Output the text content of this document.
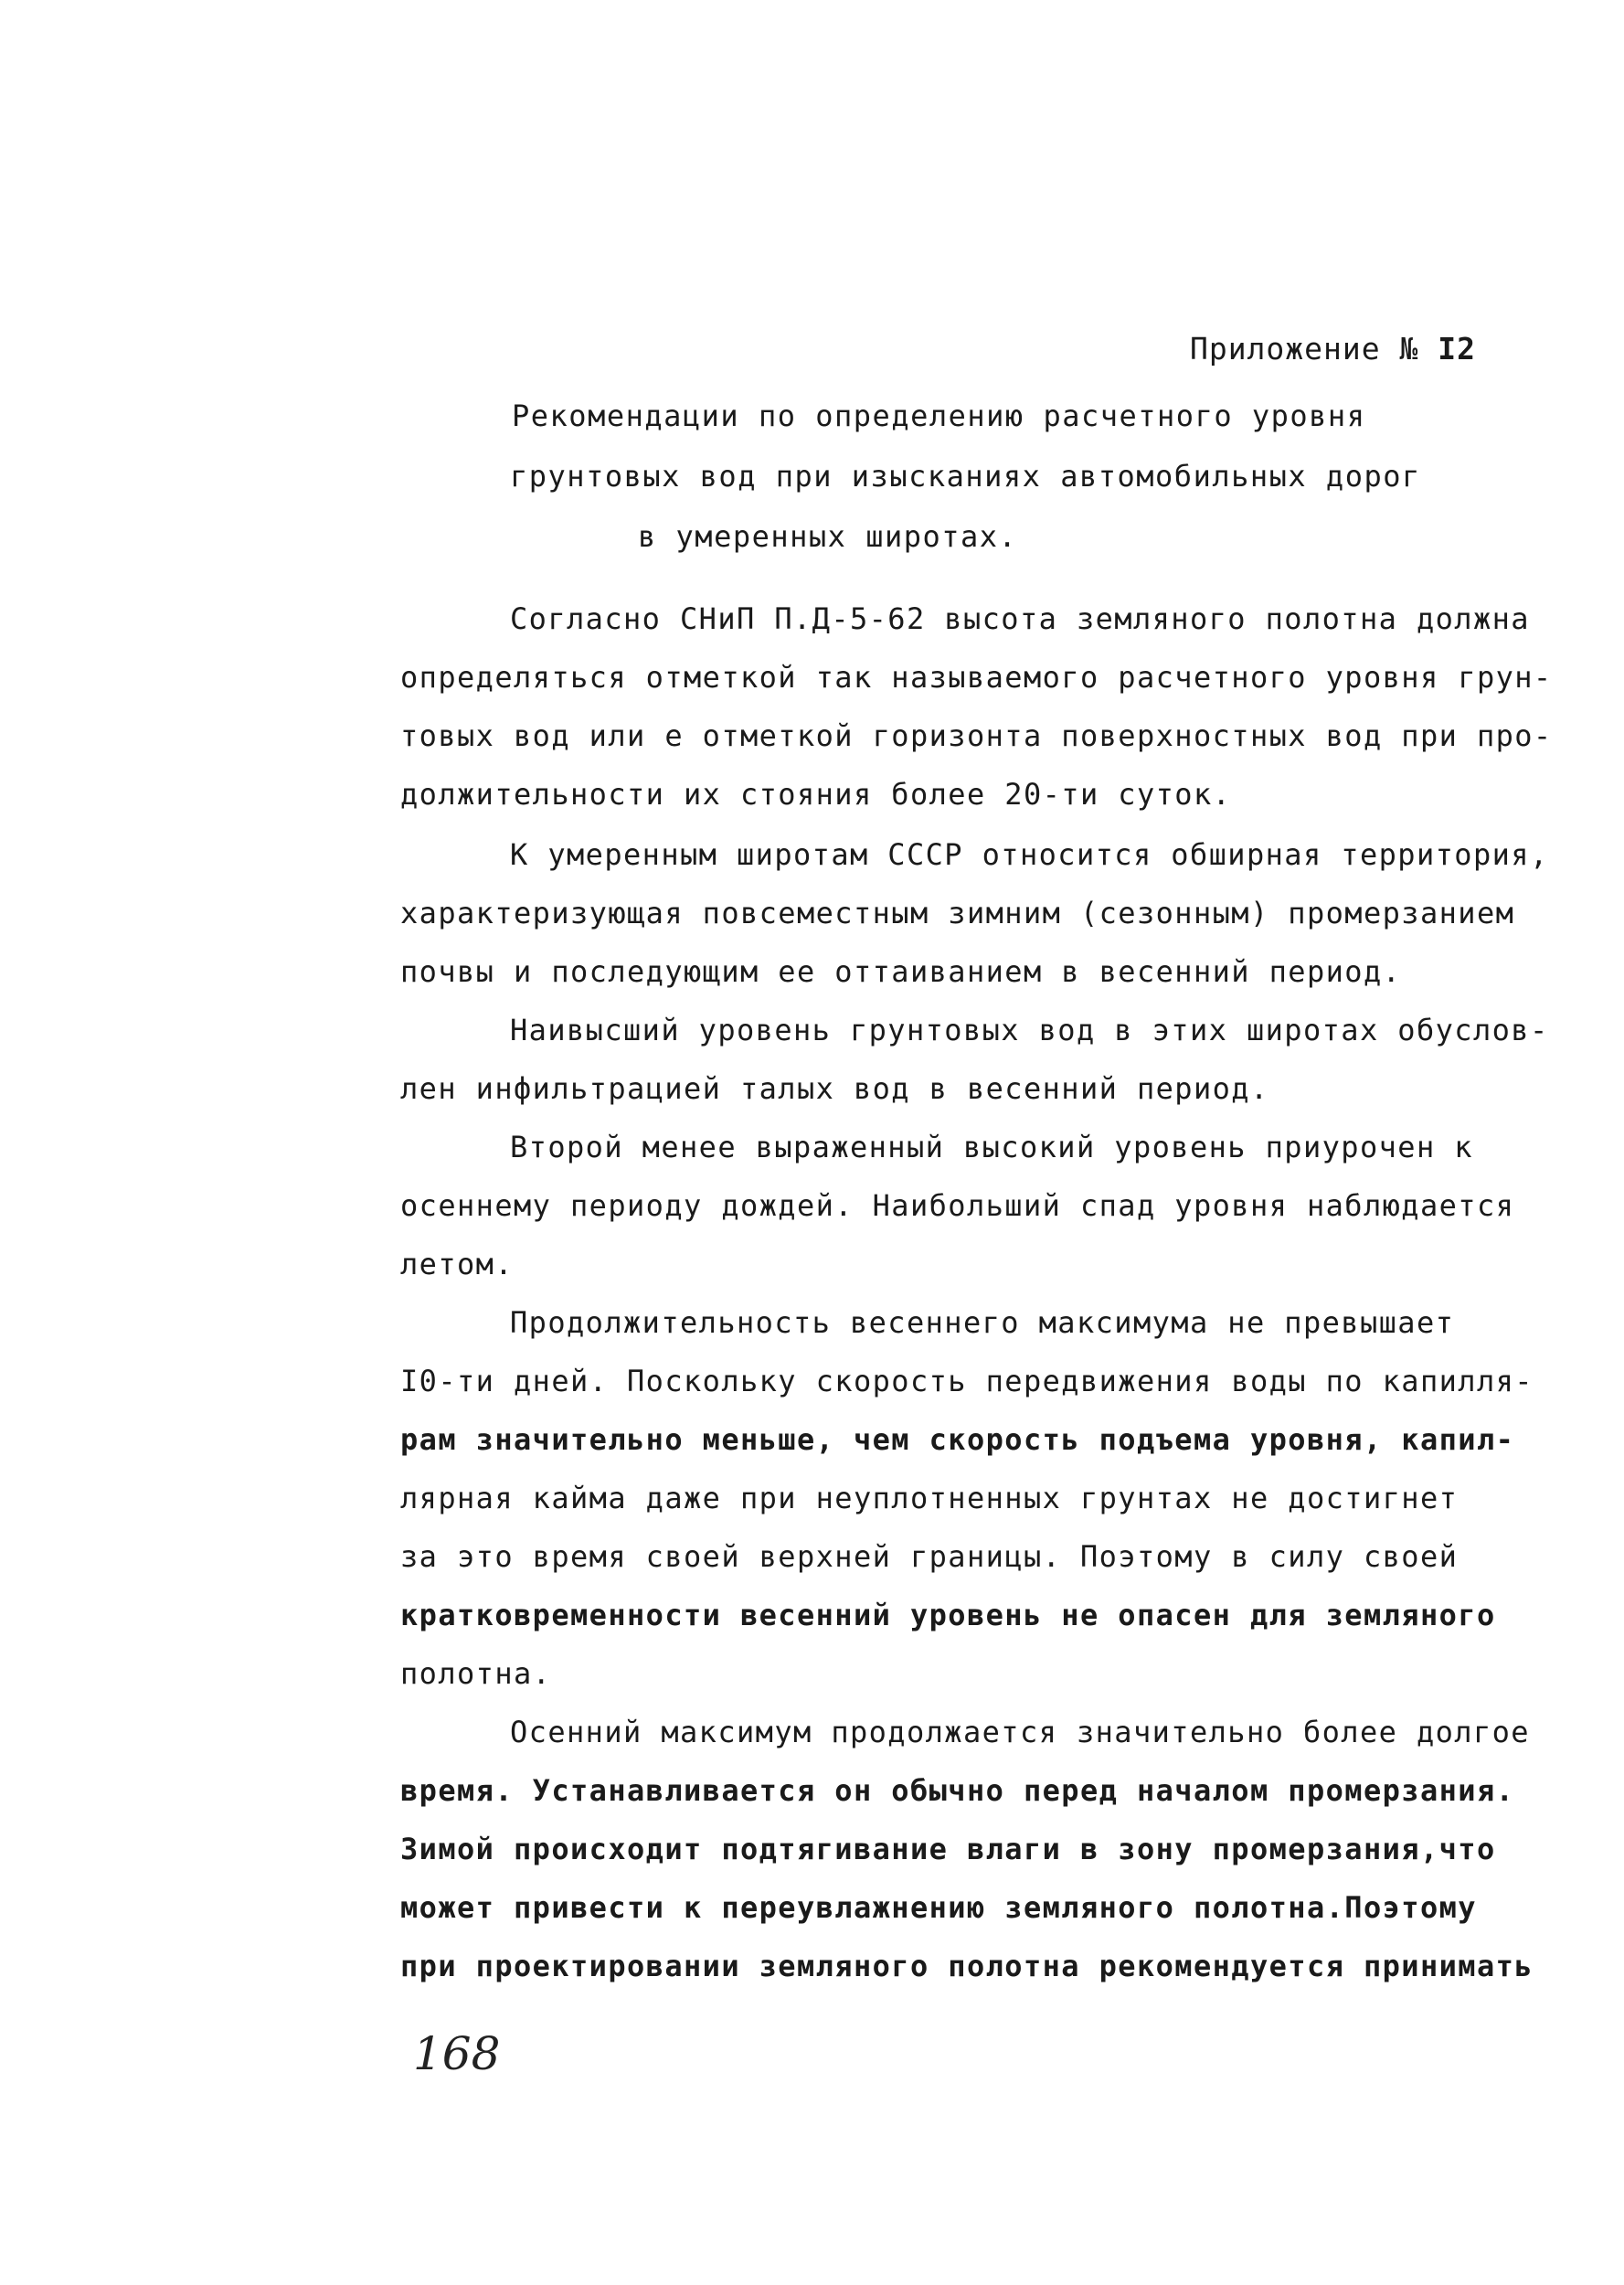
Приложение № I2
Рекомендации по определению расчетного уровня
грунтовых вод при изысканиях автомобильных дорог
в умеренных широтах.
Согласно СНиП П.Д-5-62 высота земляного полотна должна
определяться отметкой так называемого расчетного уровня грун-
товых вод или е отметкой горизонта поверхностных вод при про-
должительности их стояния более 20-ти суток.
К умеренным широтам СССР относится обширная территория,
характеризующая повсеместным зимним (сезонным) промерзанием
почвы и последующим ее оттаиванием в весенний период.
Наивысший уровень грунтовых вод в этих широтах обуслов-
лен инфильтрацией талых вод в весенний период.
Второй менее выраженный высокий уровень приурочен к
осеннему периоду дождей. Наибольший спад уровня наблюдается
летом.
Продолжительность весеннего максимума не превышает
I0-ти дней. Поскольку скорость передвижения воды по капилля-
рам значительно меньше, чем скорость подъема уровня, капил-
лярная кайма даже при неуплотненных грунтах не достигнет
за это время своей верхней границы. Поэтому в силу своей
кратковременности весенний уровень не опасен для земляного
полотна.
Осенний максимум продолжается значительно более долгое
время. Устанавливается он обычно перед началом промерзания.
Зимой происходит подтягивание влаги в зону промерзания,что
может привести к переувлажнению земляного полотна.Поэтому
при проектировании земляного полотна рекомендуется принимать
168
